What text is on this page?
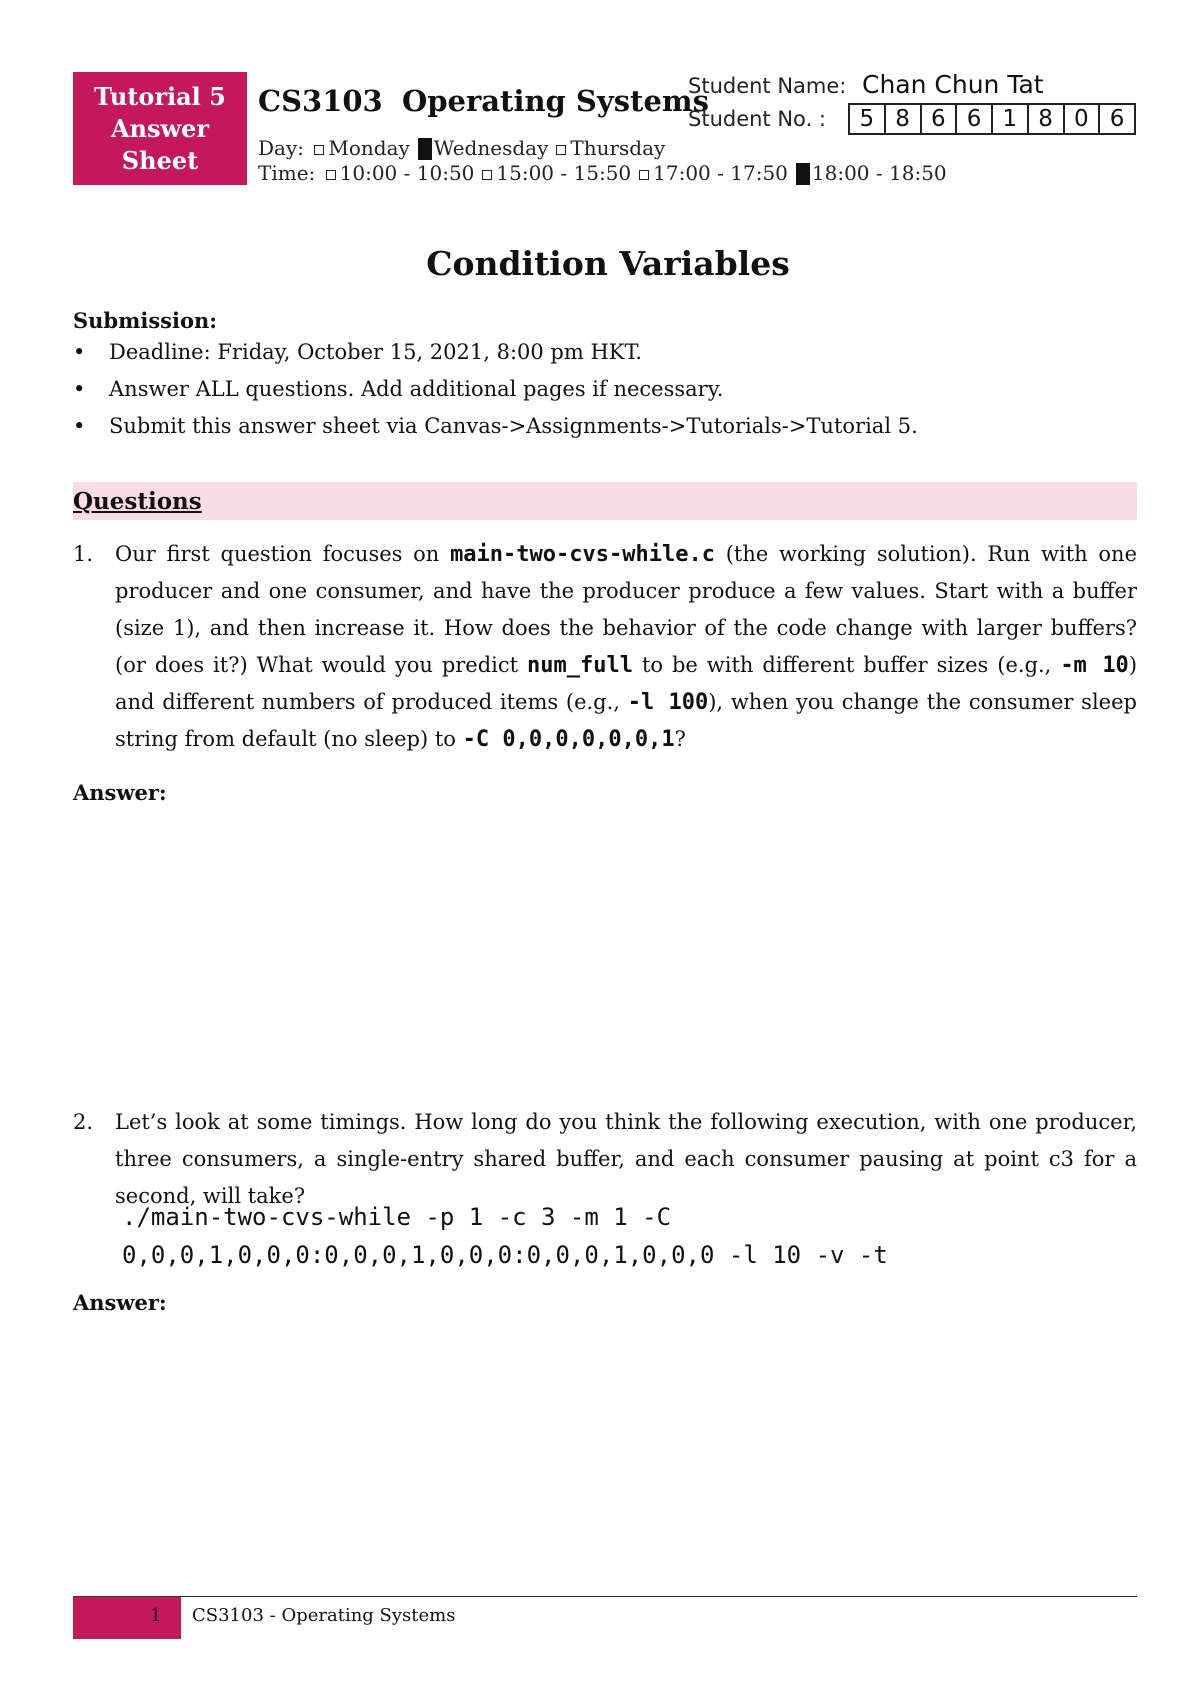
Tutorial 5
Answer
Sheet
CS3103 Operating Systems
Day: Monday Wednesday Thursday
Time: 10:00 - 10:50 15:00 - 15:50 17:00 - 17:50 18:00 - 18:50
Student Name: Chan Chun Tat
Student No. :	5 8 6 6 1 8 0 6
Condition Variables
Submission:
•	Deadline: Friday, October 15, 2021, 8:00 pm HKT.
•	Answer ALL questions. Add additional pages if necessary.
•	Submit this answer sheet via Canvas->Assignments->Tutorials->Tutorial 5.
Questions
1.	Our first question focuses on main-two-cvs-while.c (the working solution). Run with one producer and one consumer, and have the producer produce a few values. Start with a buffer (size 1), and then increase it. How does the behavior of the code change with larger buffers? (or does it?) What would you predict num_full to be with different buffer sizes (e.g., -m 10) and different numbers of produced items (e.g., -l 100), when you change the consumer sleep string from default (no sleep) to -C 0,0,0,0,0,0,1?
Answer:
2.	Let’s look at some timings. How long do you think the following execution, with one producer, three consumers, a single-entry shared buffer, and each consumer pausing at point c3 for a second, will take?
./main-two-cvs-while -p 1 -c 3 -m 1 -C
0,0,0,1,0,0,0:0,0,0,1,0,0,0:0,0,0,1,0,0,0 -l 10 -v -t
Answer:
1 CS3103 - Operating Systems
